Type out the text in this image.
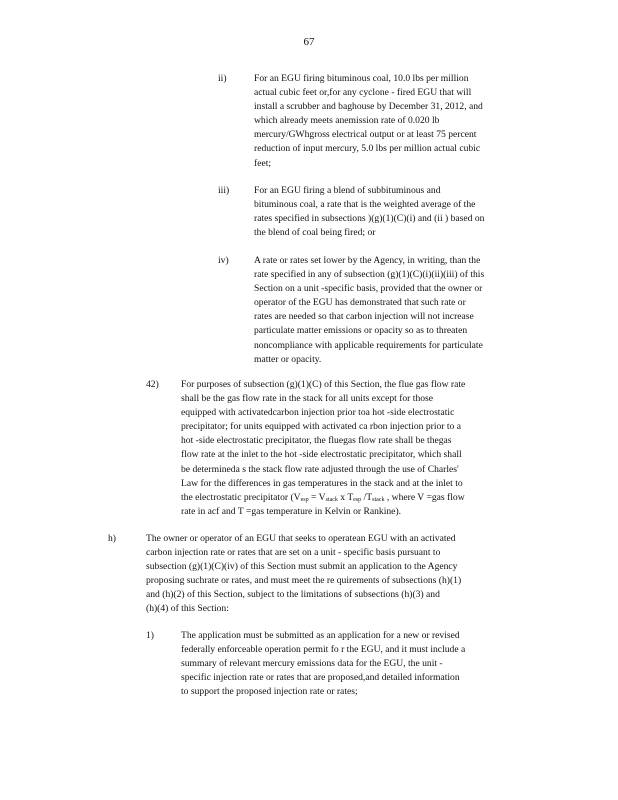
67
ii)	For an EGU firing bituminous coal, 10.0 lbs per million
actual cubic feet or,for any cyclone - fired EGU that will
install a scrubber and baghouse by December 31, 2012, and
which already meets anemission rate of 0.020 lb
mercury/GWhgross electrical output or at least 75 percent
reduction of input mercury, 5.0 lbs per million actual cubic
feet;
iii)	For an EGU firing a blend of subbituminous and
bituminous coal, a rate that is the weighted average of the
rates specified in subsections )(g)(1)(C)(i) and (ii ) based on
the blend of coal being fired; or
iv)	A rate or rates set lower by the Agency, in writing, than the
rate specified in any of subsection (g)(1)(C)(i)(ii)(iii) of this
Section on a unit -specific basis, provided that the owner or
operator of the EGU has demonstrated that such rate or
rates are needed so that carbon injection will not increase
particulate matter emissions or opacity so as to threaten
noncompliance with applicable requirements for particulate
matter or opacity.
42) For purposes of subsection (g)(1)(C) of this Section, the flue gas flow rate
shall be the gas flow rate in the stack for all units except for those
equipped with activatedcarbon injection prior toa hot -side electrostatic
precipitator; for units equipped with activated ca rbon injection prior to a
hot -side electrostatic precipitator, the fluegas flow rate shall be thegas
flow rate at the inlet to the hot -side electrostatic precipitator, which shall
be determineda s the stack flow rate adjusted through the use of Charles'
Law for the differences in gas temperatures in the stack and at the inlet to
the electrostatic precipitator ($V_{esp} = V_{stack}$ x $T_{esp}$ $/T_{stack}$ , where V =gas flow
rate in acf and T =gas temperature in Kelvin or Rankine).
h)	The owner or operator of an EGU that seeks to operatean EGU with an activated
carbon injection rate or rates that are set on a unit - specific basis pursuant to
subsection (g)(1)(C)(iv) of this Section must submit an application to the Agency
proposing suchrate or rates, and must meet the re quirements of subsections (h)(1)
and (h)(2) of this Section, subject to the limitations of subsections (h)(3) and
(h)(4) of this Section:
1)	The application must be submitted as an application for a new or revised
federally enforceable operation permit fo r the EGU, and it must include a
summary of relevant mercury emissions data for the EGU, the unit -
specific injection rate or rates that are proposed,and detailed information
to support the proposed injection rate or rates;
